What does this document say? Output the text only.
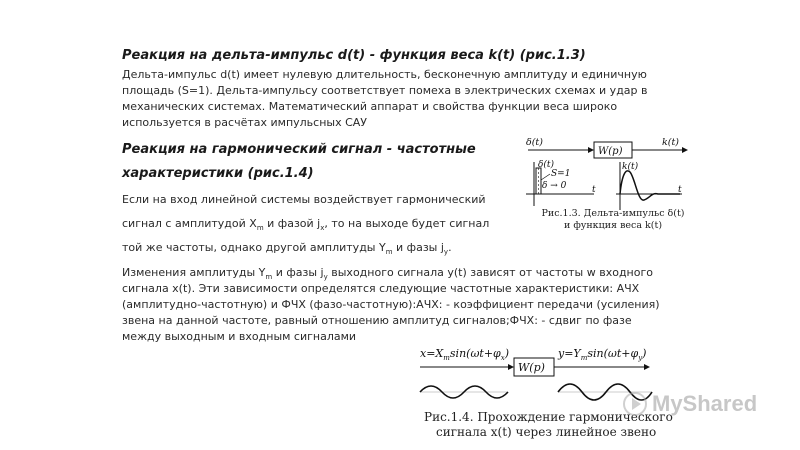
Реакция на дельта-импульс d(t) - функция веса k(t) (рис.1.3)
Дельта-импульс d(t) имеет нулевую длительность, бесконечную амплитуду и единичную
площадь (S=1). Дельта-импульсу соответствует помеха в электрических схемах и удар в
механических системах. Математический аппарат и свойства функции веса широко
используется в расчётах импульсных САУ
Реакция на гармонический сигнал - частотные
характеристики (рис.1.4)
Если на вход линейной системы воздействует гармонический
сигнал с амплитудой $X_m$ и фазой $j_x$, то на выходе будет сигнал
той же частоты, однако другой амплитуды $Y_m$ и фазы $j_y$.
Изменения амплитуды $Y_m$ и фазы $j_y$ выходного сигнала y(t) зависят от частоты w входного
сигнала x(t). Эти зависимости определятся следующие частотные характеристики: АЧХ
(амплитудно-частотную) и ФЧХ (фазо-частотную):АЧХ: - коэффициент передачи (усиления)
звена на данной частоте, равный отношению амплитуд сигналов;ФЧХ: - сдвиг по фазе
между выходным и входным сигналами
W(p)
δ(t)	k(t)
δ(t)
S=1
δ → 0	t
k(t)
t
Рис.1.3. Дельта-импульс δ(t)
и функция веса k(t)
$x=X_m\sin(\omega t+\varphi_x)$	$y=Y_m\sin(\omega t+\varphi_y)$
W(p)
Рис.1.4. Прохождение гармонического
сигнала x(t) через линейное звено
MyShared
